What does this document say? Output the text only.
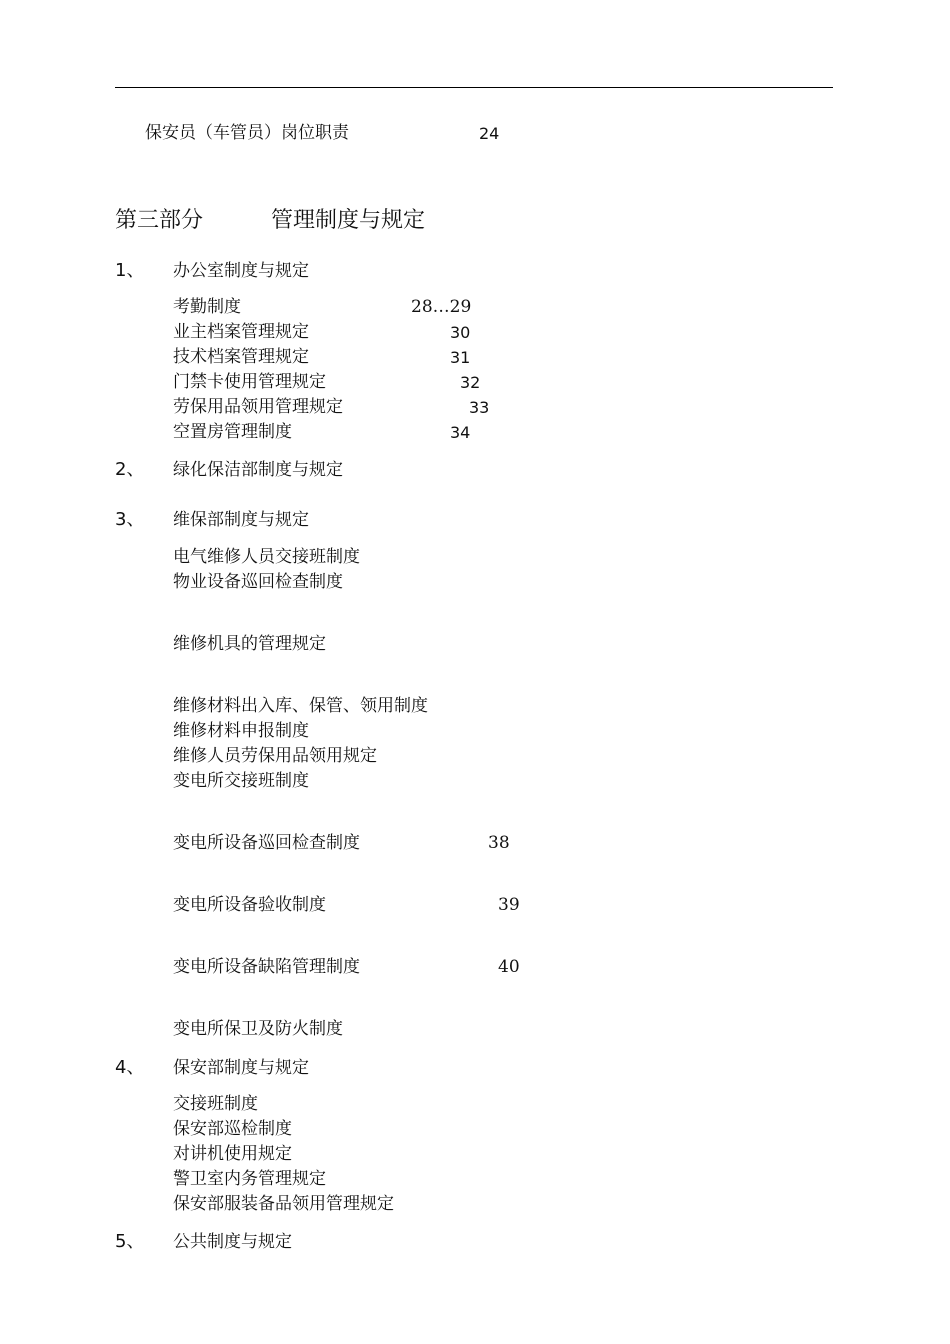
保安员（车管员）岗位职责	24
第三部分	管理制度与规定
1、 办公室制度与规定
考勤制度	28…29
业主档案管理规定	30
技术档案管理规定	31
门禁卡使用管理规定	32
劳保用品领用管理规定	33
空置房管理制度	34
2、 绿化保洁部制度与规定
3、 维保部制度与规定
电气维修人员交接班制度
物业设备巡回检查制度
维修机具的管理规定
维修材料出入库、保管、领用制度
维修材料申报制度
维修人员劳保用品领用规定
变电所交接班制度
变电所设备巡回检查制度	38
变电所设备验收制度	39
变电所设备缺陷管理制度	40
变电所保卫及防火制度
4、 保安部制度与规定
交接班制度
保安部巡检制度
对讲机使用规定
警卫室内务管理规定
保安部服装备品领用管理规定
5、 公共制度与规定
